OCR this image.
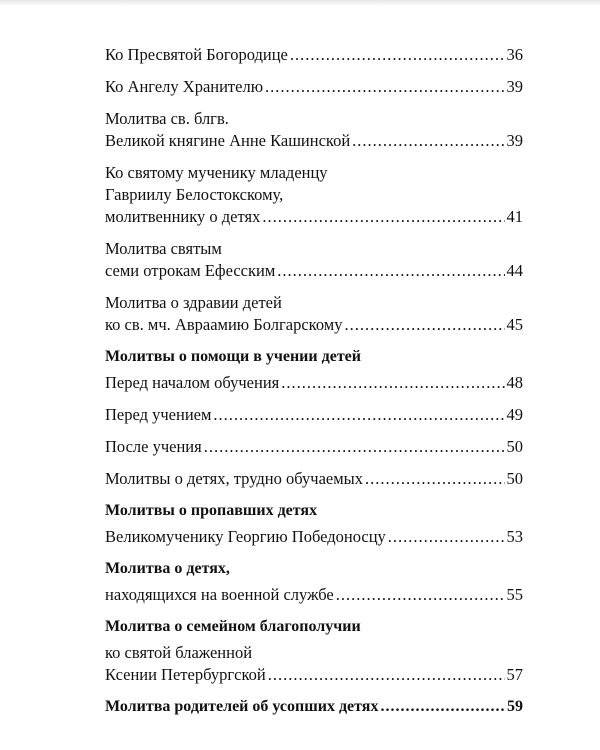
Ко Пресвятой Богородице .....	36
Ко Ангелу Хранителю .....	39
Молитва св. блгв.
Великой княгине Анне Кашинской .....	39
Ко святому мученику младенцу
Гавриилу Белостокскому,
молитвеннику о детях .....	41
Молитва святым
семи отрокам Ефесским .....	44
Молитва о здравии детей
ко св. мч. Авраамию Болгарскому .....	45
Молитвы о помощи в учении детей
Перед началом обучения .....	48
Перед учением .....	49
После учения .....	50
Молитвы о детях, трудно обучаемых .....	50
Молитвы о пропавших детях
Великомученику Георгию Победоносцу .....	53
Молитва о детях,
находящихся на военной службе .....	55
Молитва о семейном благополучии
ко святой блаженной
Ксении Петербургской .....	57
Молитва родителей об усопших детях .....	59
